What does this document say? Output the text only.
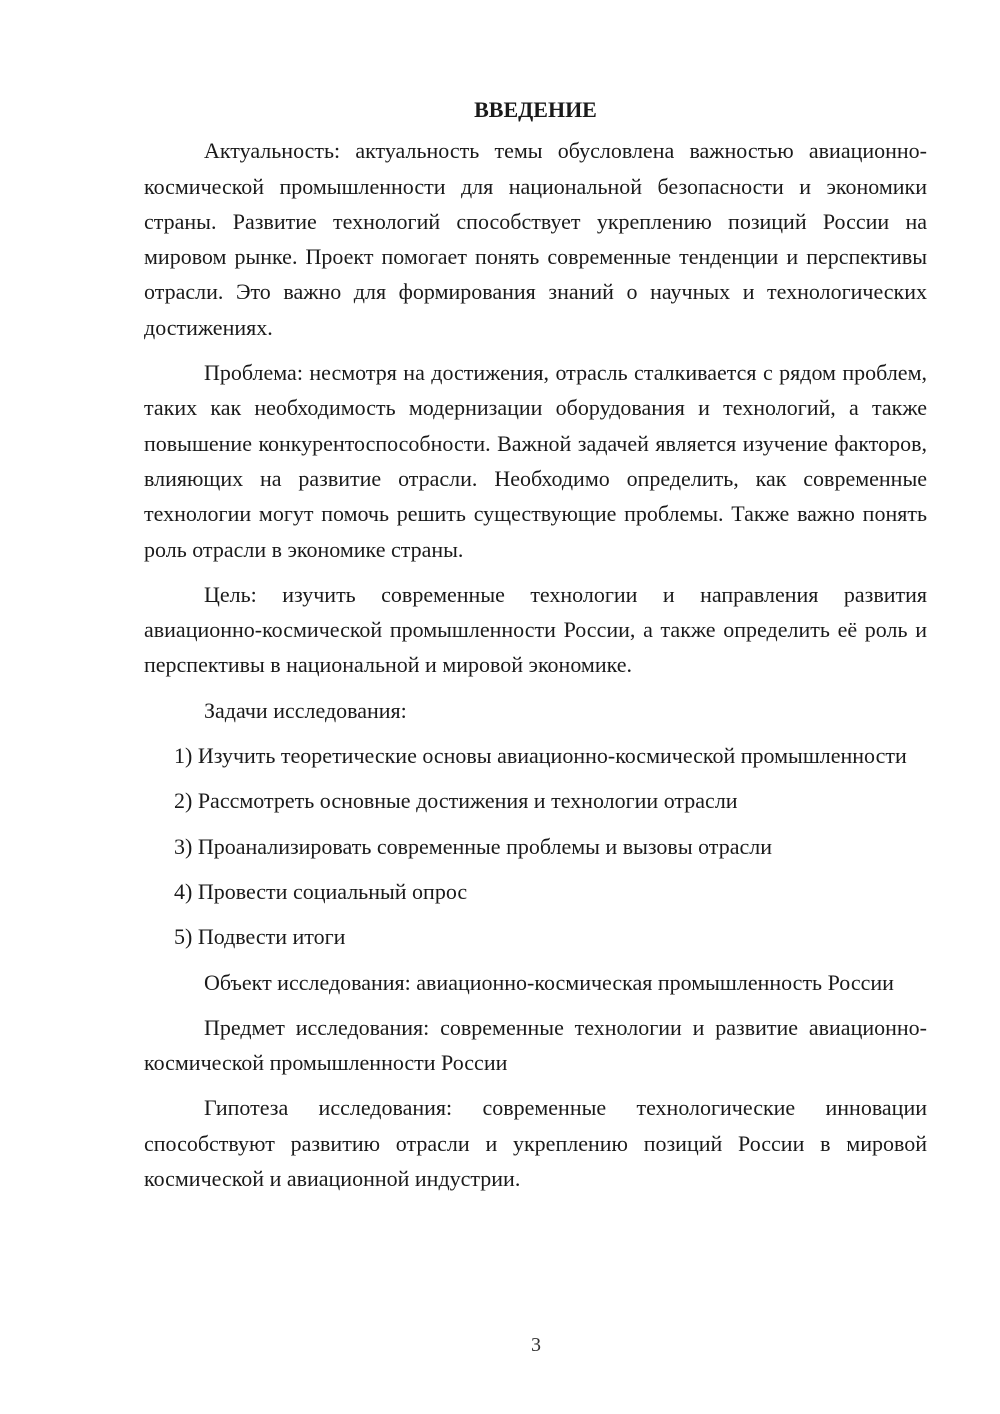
ВВЕДЕНИЕ

Актуальность: актуальность темы обусловлена важностью авиационно-космической промышленности для национальной безопасности и экономики страны. Развитие технологий способствует укреплению позиций России на мировом рынке. Проект помогает понять современные тенденции и перспективы отрасли. Это важно для формирования знаний о научных и технологических достижениях.

Проблема: несмотря на достижения, отрасль сталкивается с рядом проблем, таких как необходимость модернизации оборудования и технологий, а также повышение конкурентоспособности. Важной задачей является изучение факторов, влияющих на развитие отрасли. Необходимо определить, как современные технологии могут помочь решить существующие проблемы. Также важно понять роль отрасли в экономике страны.

Цель: изучить современные технологии и направления развития авиационно-космической промышленности России, а также определить её роль и перспективы в национальной и мировой экономике.

Задачи исследования:

1) Изучить теоретические основы авиационно-космической промышленности

2) Рассмотреть основные достижения и технологии отрасли

3) Проанализировать современные проблемы и вызовы отрасли

4) Провести социальный опрос

5) Подвести итоги

Объект исследования: авиационно-космическая промышленность России

Предмет исследования: современные технологии и развитие авиационно-космической промышленности России

Гипотеза исследования: современные технологические инновации способствуют развитию отрасли и укреплению позиций России в мировой космической и авиационной индустрии.

3
